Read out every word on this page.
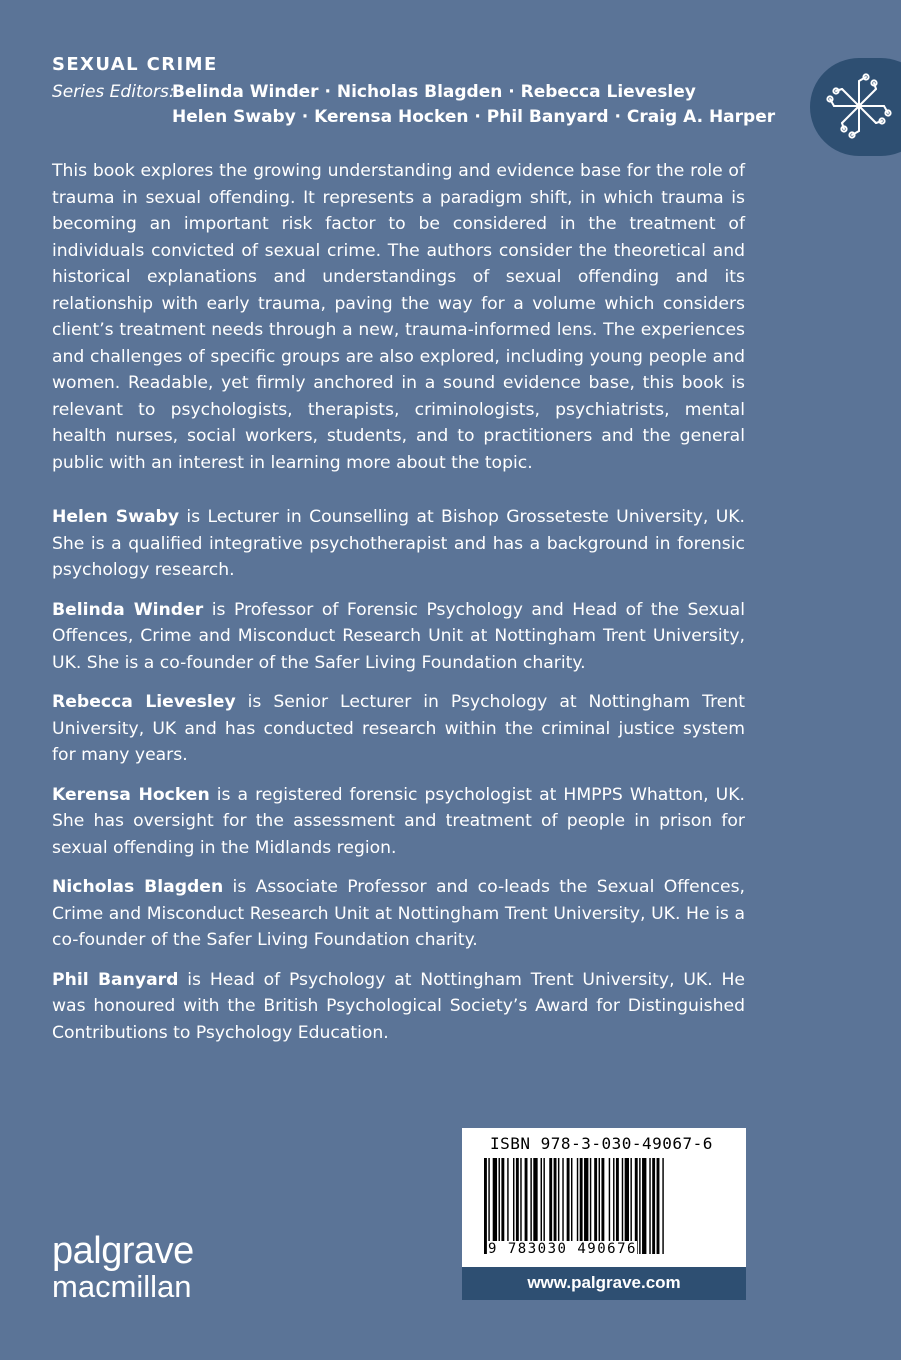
SEXUAL CRIME
Series Editors:Belinda Winder · Nicholas Blagden · Rebecca Lievesley
Helen Swaby · Kerensa Hocken · Phil Banyard · Craig A. Harper

This book explores the growing understanding and evidence base for the role of trauma in sexual offending. It represents a paradigm shift, in which trauma is becoming an important risk factor to be considered in the treatment of individuals convicted of sexual crime. The authors consider the theoretical and historical explanations and understandings of sexual offending and its relationship with early trauma, paving the way for a volume which considers client’s treatment needs through a new, trauma-informed lens. The experiences and challenges of specific groups are also explored, including young people and women. Readable, yet firmly anchored in a sound evidence base, this book is relevant to psychologists, therapists, criminologists, psychiatrists, mental health nurses, social workers, students, and to practitioners and the general public with an interest in learning more about the topic.

Helen Swaby is Lecturer in Counselling at Bishop Grosseteste University, UK. She is a qualified integrative psychotherapist and has a background in forensic psychology research.

Belinda Winder is Professor of Forensic Psychology and Head of the Sexual Offences, Crime and Misconduct Research Unit at Nottingham Trent University, UK. She is a co-founder of the Safer Living Foundation charity.

Rebecca Lievesley is Senior Lecturer in Psychology at Nottingham Trent University, UK and has conducted research within the criminal justice system for many years.

Kerensa Hocken is a registered forensic psychologist at HMPPS Whatton, UK. She has oversight for the assessment and treatment of people in prison for sexual offending in the Midlands region.

Nicholas Blagden is Associate Professor and co-leads the Sexual Offences, Crime and Misconduct Research Unit at Nottingham Trent University, UK. He is a co-founder of the Safer Living Foundation charity.

Phil Banyard is Head of Psychology at Nottingham Trent University, UK. He was honoured with the British Psychological Society’s Award for Distinguished Contributions to Psychology Education.

ISBN 978-3-030-49067-6
9 783030 490676
www.palgrave.com
palgrave
macmillan
